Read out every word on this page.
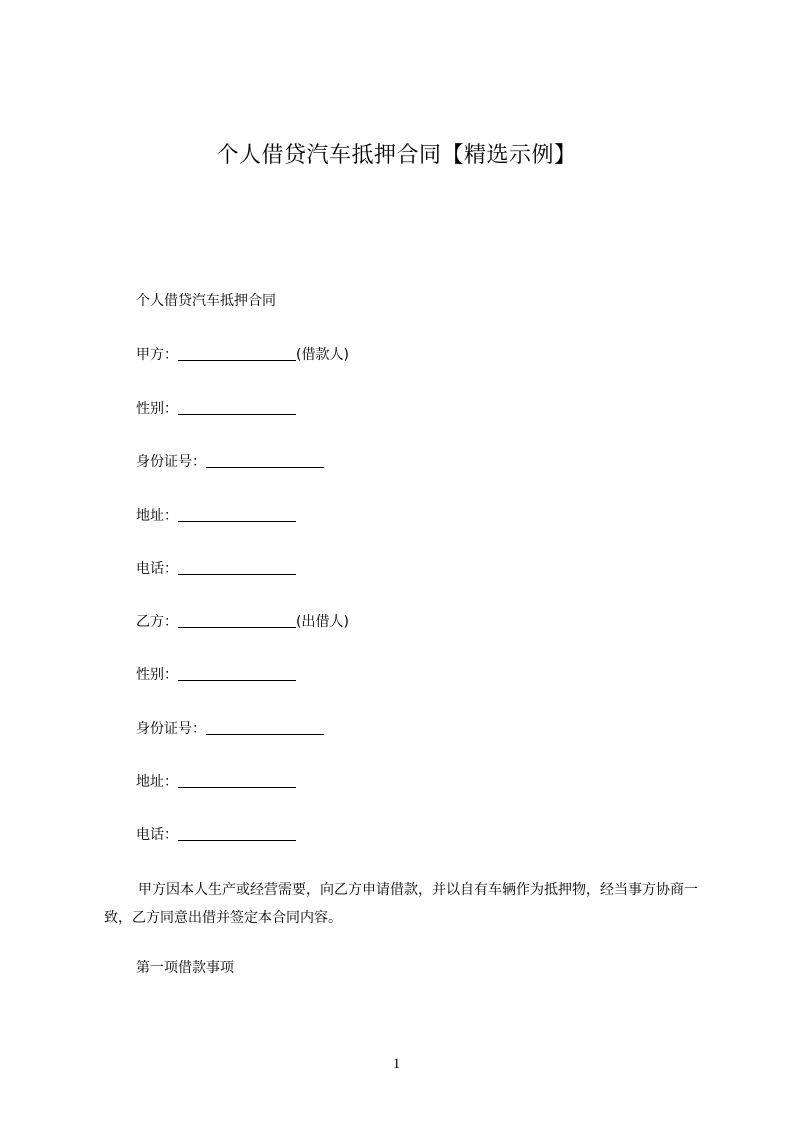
个人借贷汽车抵押合同【精选示例】
个人借贷汽车抵押合同
甲方：	(借款人)
性别：
身份证号：
地址：
电话：
乙方：	(出借人)
性别：
身份证号：
地址：
电话：
甲方因本人生产或经营需要，向乙方申请借款，并以自有车辆作为抵押物，经当事方协商一致，乙方同意出借并签定本合同内容。
第一项借款事项
1
